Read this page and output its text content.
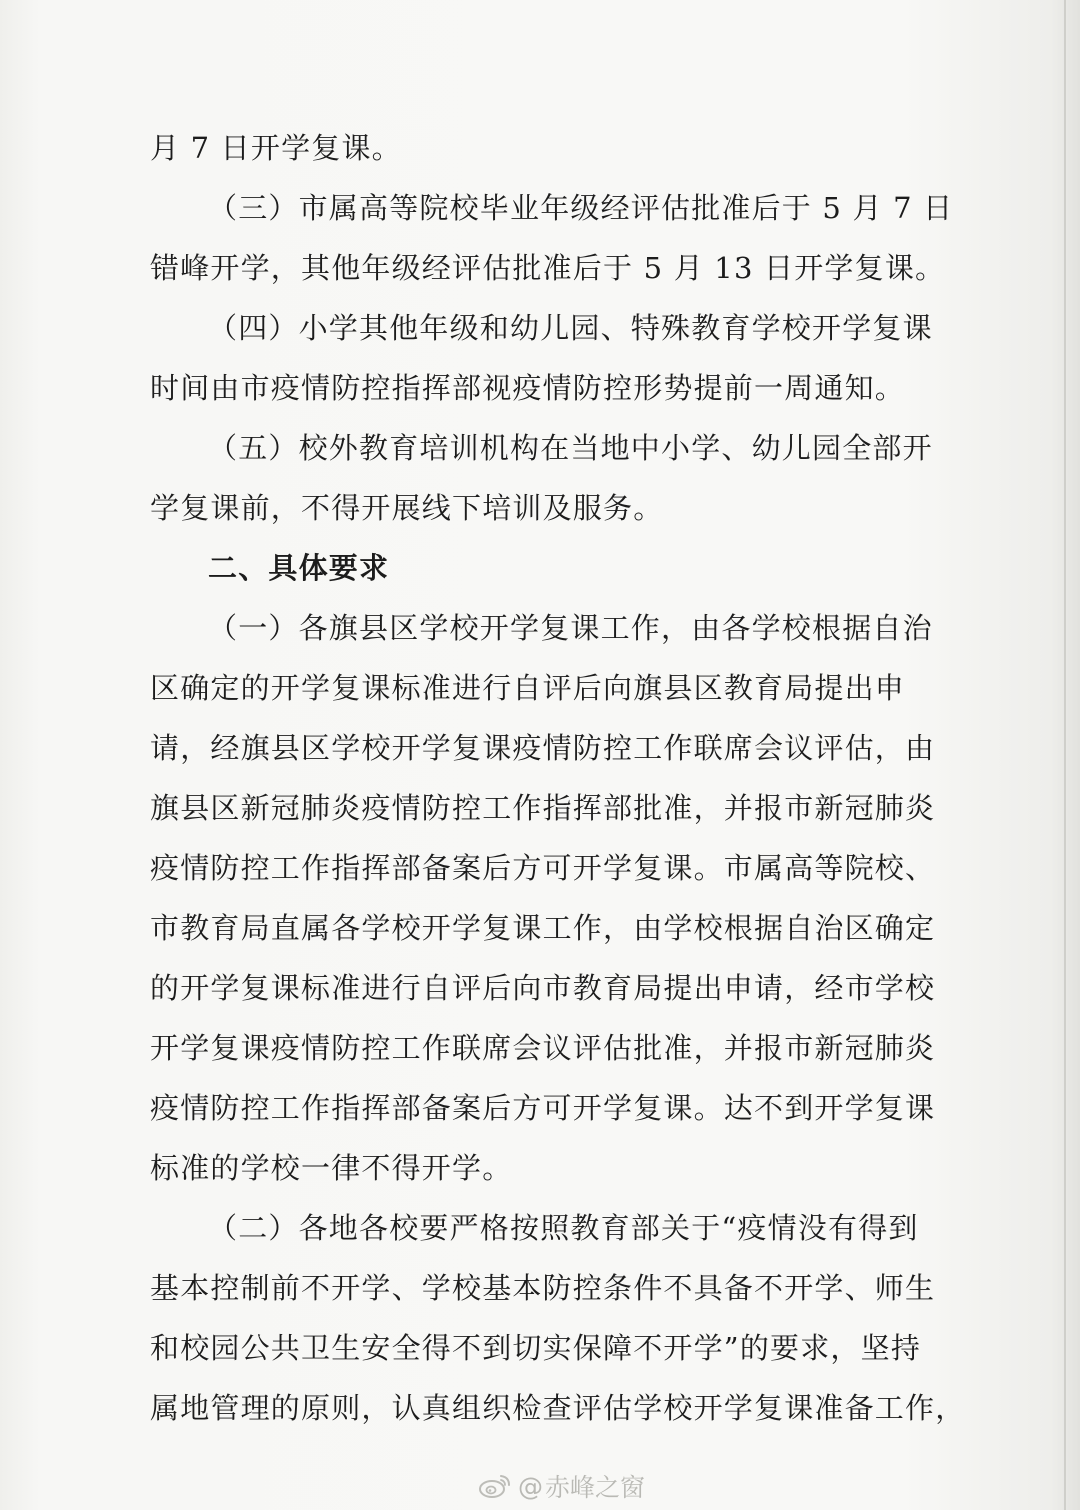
月 7 日开学复课。
（三）市属高等院校毕业年级经评估批准后于 5 月 7 日
错峰开学，其他年级经评估批准后于 5 月 13 日开学复课。
（四）小学其他年级和幼儿园、特殊教育学校开学复课
时间由市疫情防控指挥部视疫情防控形势提前一周通知。
（五）校外教育培训机构在当地中小学、幼儿园全部开
学复课前，不得开展线下培训及服务。
二、具体要求
（一）各旗县区学校开学复课工作，由各学校根据自治
区确定的开学复课标准进行自评后向旗县区教育局提出申
请，经旗县区学校开学复课疫情防控工作联席会议评估，由
旗县区新冠肺炎疫情防控工作指挥部批准，并报市新冠肺炎
疫情防控工作指挥部备案后方可开学复课。市属高等院校、
市教育局直属各学校开学复课工作，由学校根据自治区确定
的开学复课标准进行自评后向市教育局提出申请，经市学校
开学复课疫情防控工作联席会议评估批准，并报市新冠肺炎
疫情防控工作指挥部备案后方可开学复课。达不到开学复课
标准的学校一律不得开学。
（二）各地各校要严格按照教育部关于“疫情没有得到
基本控制前不开学、学校基本防控条件不具备不开学、师生
和校园公共卫生安全得不到切实保障不开学”的要求，坚持
属地管理的原则，认真组织检查评估学校开学复课准备工作，
@ 赤峰之窗
